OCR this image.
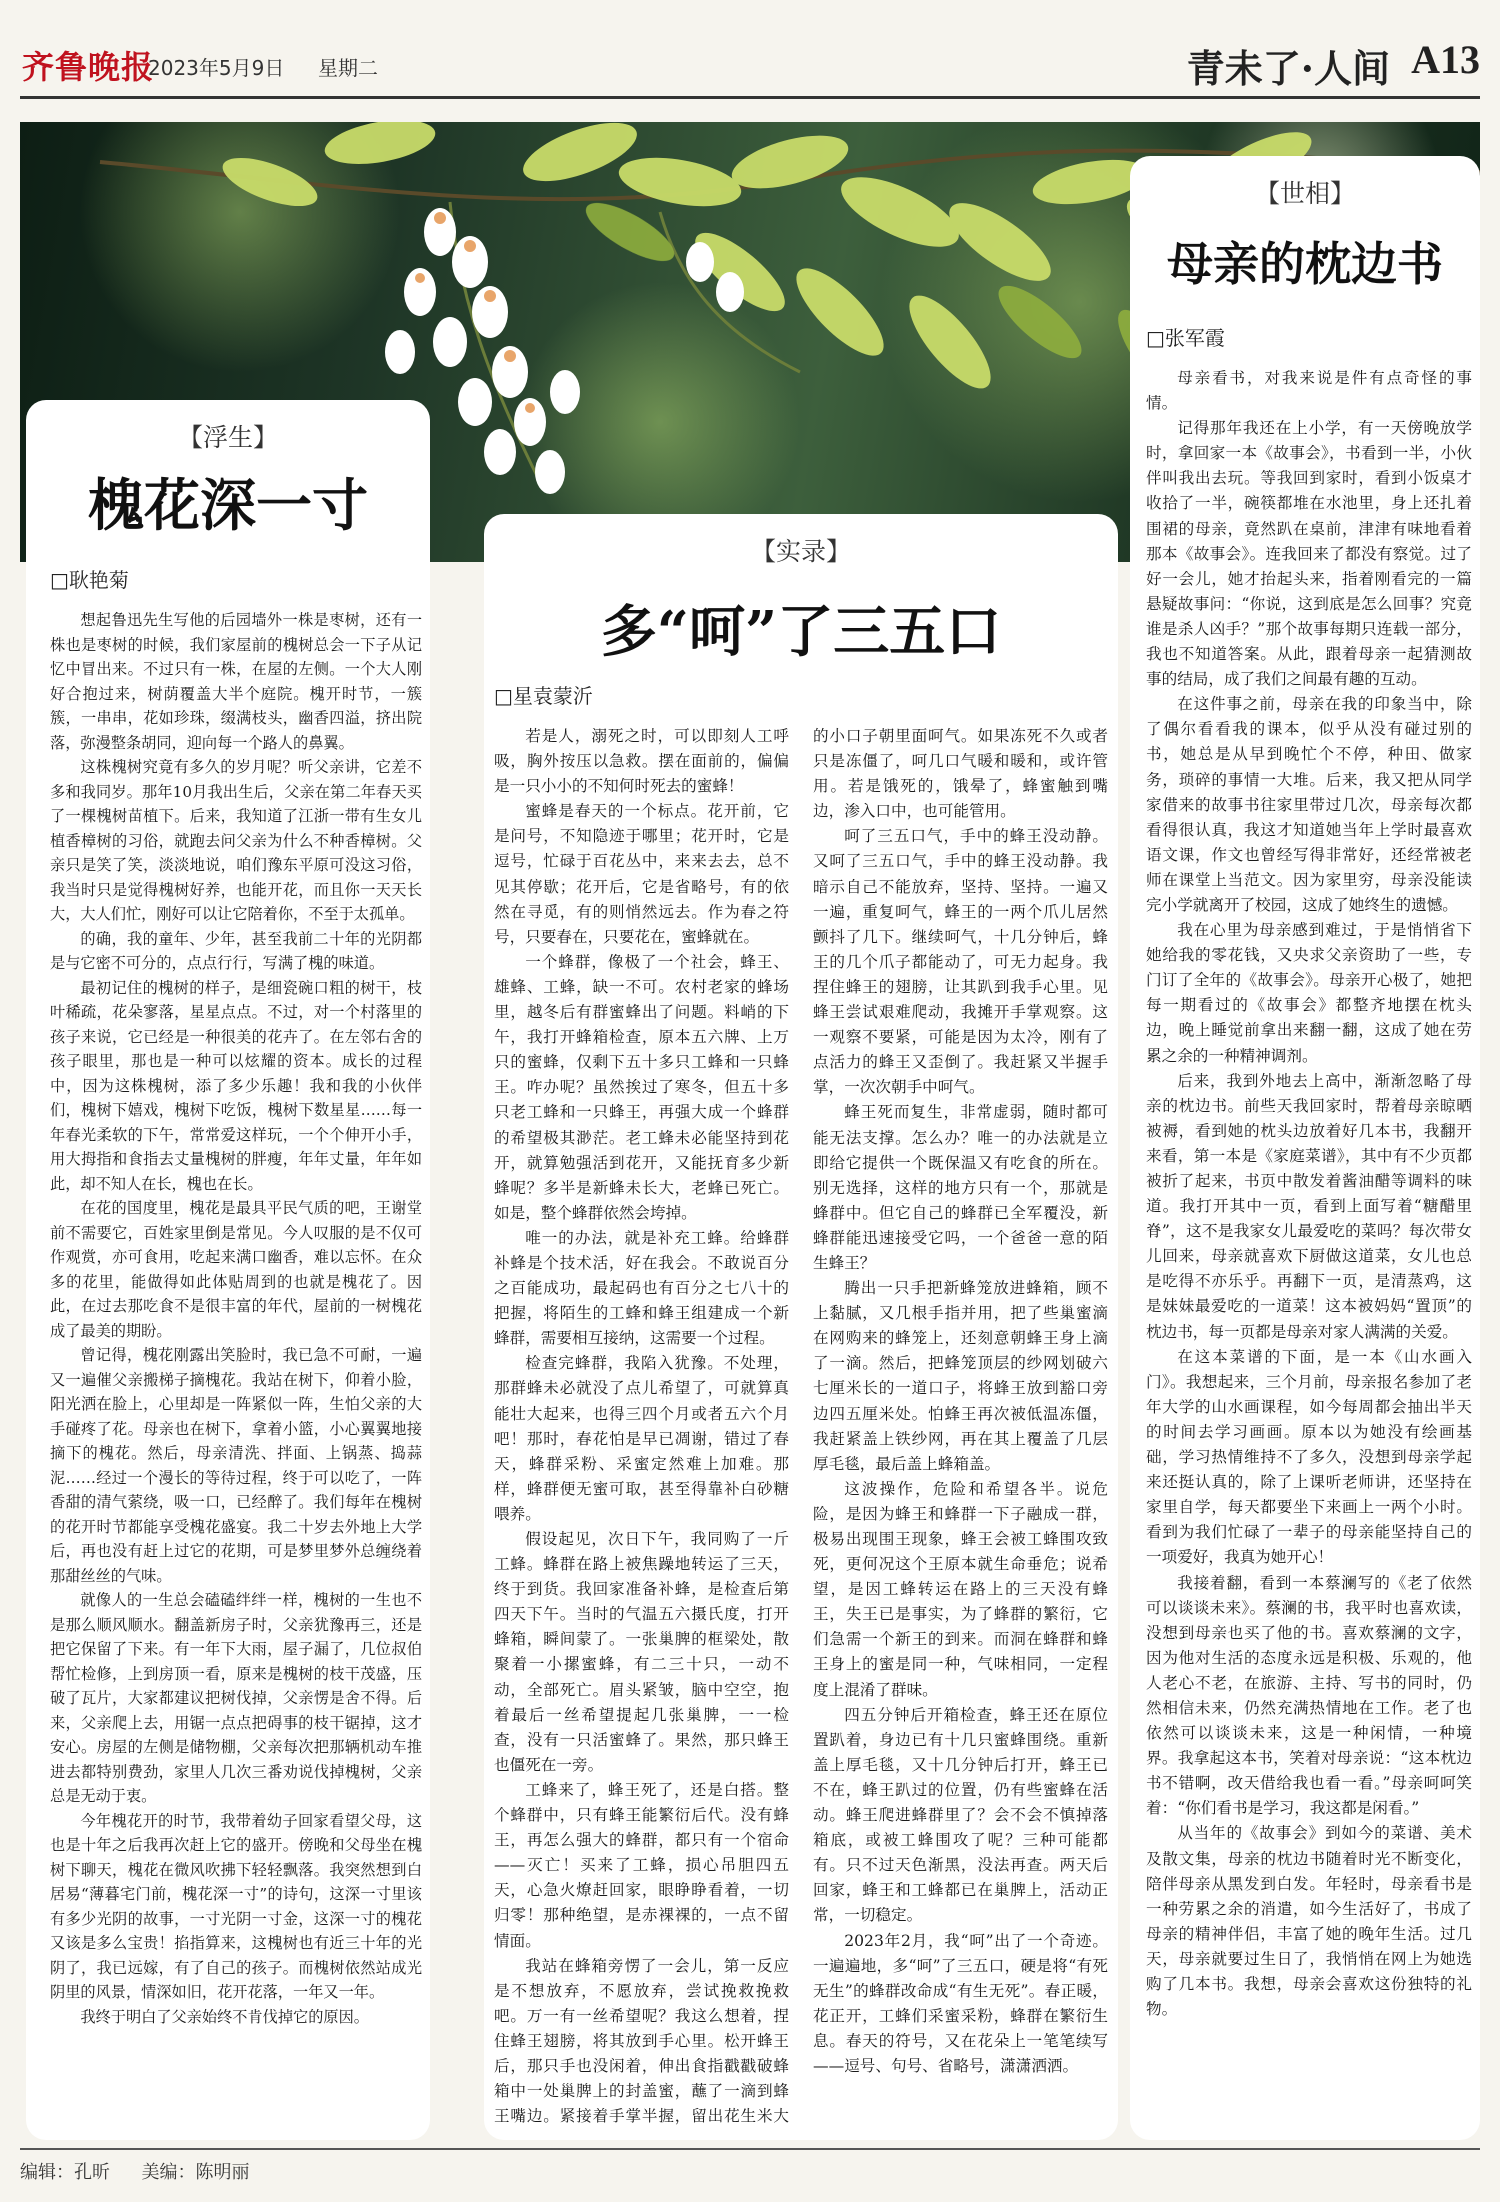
齐鲁晚报
2023年5月9日 星期二	青未了·人间 A13
【浮生】
槐花深一寸
□耿艳菊

想起鲁迅先生写他的后园墙外一株是枣树，还有一株也是枣树的时候，我们家屋前的槐树总会一下子从记忆中冒出来。不过只有一株，在屋的左侧。一个大人刚好合抱过来，树荫覆盖大半个庭院。槐开时节，一簇簇，一串串，花如珍珠，缀满枝头，幽香四溢，挤出院落，弥漫整条胡同，迎向每一个路人的鼻翼。

这株槐树究竟有多久的岁月呢？听父亲讲，它差不多和我同岁。那年10月我出生后，父亲在第二年春天买了一棵槐树苗植下。后来，我知道了江浙一带有生女儿植香樟树的习俗，就跑去问父亲为什么不种香樟树。父亲只是笑了笑，淡淡地说，咱们豫东平原可没这习俗，我当时只是觉得槐树好养，也能开花，而且你一天天长大，大人们忙，刚好可以让它陪着你，不至于太孤单。

的确，我的童年、少年，甚至我前二十年的光阴都是与它密不可分的，点点行行，写满了槐的味道。

最初记住的槐树的样子，是细瓷碗口粗的树干，枝叶稀疏，花朵寥落，星星点点。不过，对一个村落里的孩子来说，它已经是一种很美的花卉了。在左邻右舍的孩子眼里，那也是一种可以炫耀的资本。成长的过程中，因为这株槐树，添了多少乐趣！我和我的小伙伴们，槐树下嬉戏，槐树下吃饭，槐树下数星星……每一年春光柔软的下午，常常爱这样玩，一个个伸开小手，用大拇指和食指去丈量槐树的胖瘦，年年丈量，年年如此，却不知人在长，槐也在长。

在花的国度里，槐花是最具平民气质的吧，王谢堂前不需要它，百姓家里倒是常见。今人叹服的是不仅可作观赏，亦可食用，吃起来满口幽香，难以忘怀。在众多的花里，能做得如此体贴周到的也就是槐花了。因此，在过去那吃食不是很丰富的年代，屋前的一树槐花成了最美的期盼。

曾记得，槐花刚露出笑脸时，我已急不可耐，一遍又一遍催父亲搬梯子摘槐花。我站在树下，仰着小脸，阳光洒在脸上，心里却是一阵紧似一阵，生怕父亲的大手碰疼了花。母亲也在树下，拿着小篮，小心翼翼地接摘下的槐花。然后，母亲清洗、拌面、上锅蒸、捣蒜泥……经过一个漫长的等待过程，终于可以吃了，一阵香甜的清气萦绕，吸一口，已经醉了。我们每年在槐树的花开时节都能享受槐花盛宴。我二十岁去外地上大学后，再也没有赶上过它的花期，可是梦里梦外总缠绕着那甜丝丝的气味。

就像人的一生总会磕磕绊绊一样，槐树的一生也不是那么顺风顺水。翻盖新房子时，父亲犹豫再三，还是把它保留了下来。有一年下大雨，屋子漏了，几位叔伯帮忙检修，上到房顶一看，原来是槐树的枝干茂盛，压破了瓦片，大家都建议把树伐掉，父亲愣是舍不得。后来，父亲爬上去，用锯一点点把碍事的枝干锯掉，这才安心。房屋的左侧是储物棚，父亲每次把那辆机动车推进去都特别费劲，家里人几次三番劝说伐掉槐树，父亲总是无动于衷。

今年槐花开的时节，我带着幼子回家看望父母，这也是十年之后我再次赶上它的盛开。傍晚和父母坐在槐树下聊天，槐花在微风吹拂下轻轻飘落。我突然想到白居易“薄暮宅门前，槐花深一寸”的诗句，这深一寸里该有多少光阴的故事，一寸光阴一寸金，这深一寸的槐花又该是多么宝贵！掐指算来，这槐树也有近三十年的光阴了，我已远嫁，有了自己的孩子。而槐树依然站成光阴里的风景，情深如旧，花开花落，一年又一年。

我终于明白了父亲始终不肯伐掉它的原因。

【实录】
多“呵”了三五口
□星袁蒙沂

若是人，溺死之时，可以即刻人工呼吸，胸外按压以急救。摆在面前的，偏偏是一只小小的不知何时死去的蜜蜂！

蜜蜂是春天的一个标点。花开前，它是问号，不知隐迹于哪里；花开时，它是逗号，忙碌于百花丛中，来来去去，总不见其停歇；花开后，它是省略号，有的依然在寻觅，有的则悄然远去。作为春之符号，只要春在，只要花在，蜜蜂就在。

一个蜂群，像极了一个社会，蜂王、雄蜂、工蜂，缺一不可。农村老家的蜂场里，越冬后有群蜜蜂出了问题。料峭的下午，我打开蜂箱检查，原本五六牌、上万只的蜜蜂，仅剩下五十多只工蜂和一只蜂王。咋办呢？虽然挨过了寒冬，但五十多只老工蜂和一只蜂王，再强大成一个蜂群的希望极其渺茫。老工蜂未必能坚持到花开，就算勉强活到花开，又能抚育多少新蜂呢？多半是新蜂未长大，老蜂已死亡。如是，整个蜂群依然会垮掉。

唯一的办法，就是补充工蜂。给蜂群补蜂是个技术活，好在我会。不敢说百分之百能成功，最起码也有百分之七八十的把握，将陌生的工蜂和蜂王组建成一个新蜂群，需要相互接纳，这需要一个过程。

检查完蜂群，我陷入犹豫。不处理，那群蜂未必就没了点儿希望了，可就算真能壮大起来，也得三四个月或者五六个月吧！那时，春花怕是早已凋谢，错过了春天，蜂群采粉、采蜜定然难上加难。那样，蜂群便无蜜可取，甚至得靠补白砂糖喂养。

假设起见，次日下午，我同购了一斤工蜂。蜂群在路上被焦躁地转运了三天，终于到货。我回家准备补蜂，是检查后第四天下午。当时的气温五六摄氏度，打开蜂箱，瞬间蒙了。一张巢脾的框梁处，散聚着一小摞蜜蜂，有二三十只，一动不动，全部死亡。眉头紧皱，脑中空空，抱着最后一丝希望提起几张巢脾，一一检查，没有一只活蜜蜂了。果然，那只蜂王也僵死在一旁。

工蜂来了，蜂王死了，还是白搭。整个蜂群中，只有蜂王能繁衍后代。没有蜂王，再怎么强大的蜂群，都只有一个宿命——灭亡！买来了工蜂，损心吊胆四五天，心急火燎赶回家，眼睁睁看着，一切归零！那种绝望，是赤裸裸的，一点不留情面。

我站在蜂箱旁愣了一会儿，第一反应是不想放弃，不愿放弃，尝试挽救挽救吧。万一有一丝希望呢？我这么想着，捏住蜂王翅膀，将其放到手心里。松开蜂王后，那只手也没闲着，伸出食指戳戳破蜂箱中一处巢脾上的封盖蜜，蘸了一滴到蜂王嘴边。紧接着手掌半握，留出花生米大的小口子朝里面呵气。如果冻死不久或者只是冻僵了，呵几口气暖和暖和，或许管用。若是饿死的，饿晕了，蜂蜜触到嘴边，渗入口中，也可能管用。

呵了三五口气，手中的蜂王没动静。又呵了三五口气，手中的蜂王没动静。我暗示自己不能放弃，坚持、坚持。一遍又一遍，重复呵气，蜂王的一两个爪儿居然颤抖了几下。继续呵气，十几分钟后，蜂王的几个爪子都能动了，可无力起身。我捏住蜂王的翅膀，让其趴到我手心里。见蜂王尝试艰难爬动，我摊开手掌观察。这一观察不要紧，可能是因为太冷，刚有了点活力的蜂王又歪倒了。我赶紧又半握手掌，一次次朝手中呵气。

蜂王死而复生，非常虚弱，随时都可能无法支撑。怎么办？唯一的办法就是立即给它提供一个既保温又有吃食的所在。别无选择，这样的地方只有一个，那就是蜂群中。但它自己的蜂群已全军覆没，新蜂群能迅速接受它吗，一个爸爸一意的陌生蜂王？

腾出一只手把新蜂笼放进蜂箱，顾不上黏腻，又几根手指并用，把了些巢蜜滴在网购来的蜂笼上，还刻意朝蜂王身上滴了一滴。然后，把蜂笼顶层的纱网划破六七厘米长的一道口子，将蜂王放到豁口旁边四五厘米处。怕蜂王再次被低温冻僵，我赶紧盖上铁纱网，再在其上覆盖了几层厚毛毯，最后盖上蜂箱盖。

这波操作，危险和希望各半。说危险，是因为蜂王和蜂群一下子融成一群，极易出现围王现象，蜂王会被工蜂围攻致死，更何况这个王原本就生命垂危；说希望，是因工蜂转运在路上的三天没有蜂王，失王已是事实，为了蜂群的繁衍，它们急需一个新王的到来。而洞在蜂群和蜂王身上的蜜是同一种，气味相同，一定程度上混淆了群味。

四五分钟后开箱检查，蜂王还在原位置趴着，身边已有十几只蜜蜂围绕。重新盖上厚毛毯，又十几分钟后打开，蜂王已不在，蜂王趴过的位置，仍有些蜜蜂在活动。蜂王爬进蜂群里了？会不会不慎掉落箱底，或被工蜂围攻了呢？三种可能都有。只不过天色渐黑，没法再查。两天后回家，蜂王和工蜂都已在巢脾上，活动正常，一切稳定。

2023年2月，我“呵”出了一个奇迹。一遍遍地，多“呵”了三五口，硬是将“有死无生”的蜂群改命成“有生无死”。春正暖，花正开，工蜂们采蜜采粉，蜂群在繁衍生息。春天的符号，又在花朵上一笔笔续写——逗号、句号、省略号，潇潇洒洒。

【世相】
母亲的枕边书
□张军霞

母亲看书，对我来说是件有点奇怪的事情。

记得那年我还在上小学，有一天傍晚放学时，拿回家一本《故事会》，书看到一半，小伙伴叫我出去玩。等我回到家时，看到小饭桌才收拾了一半，碗筷都堆在水池里，身上还扎着围裙的母亲，竟然趴在桌前，津津有味地看着那本《故事会》。连我回来了都没有察觉。过了好一会儿，她才抬起头来，指着刚看完的一篇悬疑故事问：“你说，这到底是怎么回事？究竟谁是杀人凶手？”那个故事每期只连载一部分，我也不知道答案。从此，跟着母亲一起猜测故事的结局，成了我们之间最有趣的互动。

在这件事之前，母亲在我的印象当中，除了偶尔看看我的课本，似乎从没有碰过别的书，她总是从早到晚忙个不停，种田、做家务，琐碎的事情一大堆。后来，我又把从同学家借来的故事书往家里带过几次，母亲每次都看得很认真，我这才知道她当年上学时最喜欢语文课，作文也曾经写得非常好，还经常被老师在课堂上当范文。因为家里穷，母亲没能读完小学就离开了校园，这成了她终生的遗憾。

我在心里为母亲感到难过，于是悄悄省下她给我的零花钱，又央求父亲资助了一些，专门订了全年的《故事会》。母亲开心极了，她把每一期看过的《故事会》都整齐地摆在枕头边，晚上睡觉前拿出来翻一翻，这成了她在劳累之余的一种精神调剂。

后来，我到外地去上高中，渐渐忽略了母亲的枕边书。前些天我回家时，帮着母亲晾晒被褥，看到她的枕头边放着好几本书，我翻开来看，第一本是《家庭菜谱》，其中有不少页都被折了起来，书页中散发着酱油醋等调料的味道。我打开其中一页，看到上面写着“糖醋里脊”，这不是我家女儿最爱吃的菜吗？每次带女儿回来，母亲就喜欢下厨做这道菜，女儿也总是吃得不亦乐乎。再翻下一页，是清蒸鸡，这是妹妹最爱吃的一道菜！这本被妈妈“置顶”的枕边书，每一页都是母亲对家人满满的关爱。

在这本菜谱的下面，是一本《山水画入门》。我想起来，三个月前，母亲报名参加了老年大学的山水画课程，如今每周都会抽出半天的时间去学习画画。原本以为她没有绘画基础，学习热情维持不了多久，没想到母亲学起来还挺认真的，除了上课听老师讲，还坚持在家里自学，每天都要坐下来画上一两个小时。看到为我们忙碌了一辈子的母亲能坚持自己的一项爱好，我真为她开心！

我接着翻，看到一本蔡澜写的《老了依然可以谈谈未来》。蔡澜的书，我平时也喜欢读，没想到母亲也买了他的书。喜欢蔡澜的文字，因为他对生活的态度永远是积极、乐观的，他人老心不老，在旅游、主持、写书的同时，仍然相信未来，仍然充满热情地在工作。老了也依然可以谈谈未来，这是一种闲情，一种境界。我拿起这本书，笑着对母亲说：“这本枕边书不错啊，改天借给我也看一看。”母亲呵呵笑着：“你们看书是学习，我这都是闲看。”

从当年的《故事会》到如今的菜谱、美术及散文集，母亲的枕边书随着时光不断变化，陪伴母亲从黑发到白发。年轻时，母亲看书是一种劳累之余的消遣，如今生活好了，书成了母亲的精神伴侣，丰富了她的晚年生活。过几天，母亲就要过生日了，我悄悄在网上为她选购了几本书。我想，母亲会喜欢这份独特的礼物。

编辑：孔昕 美编：陈明丽
